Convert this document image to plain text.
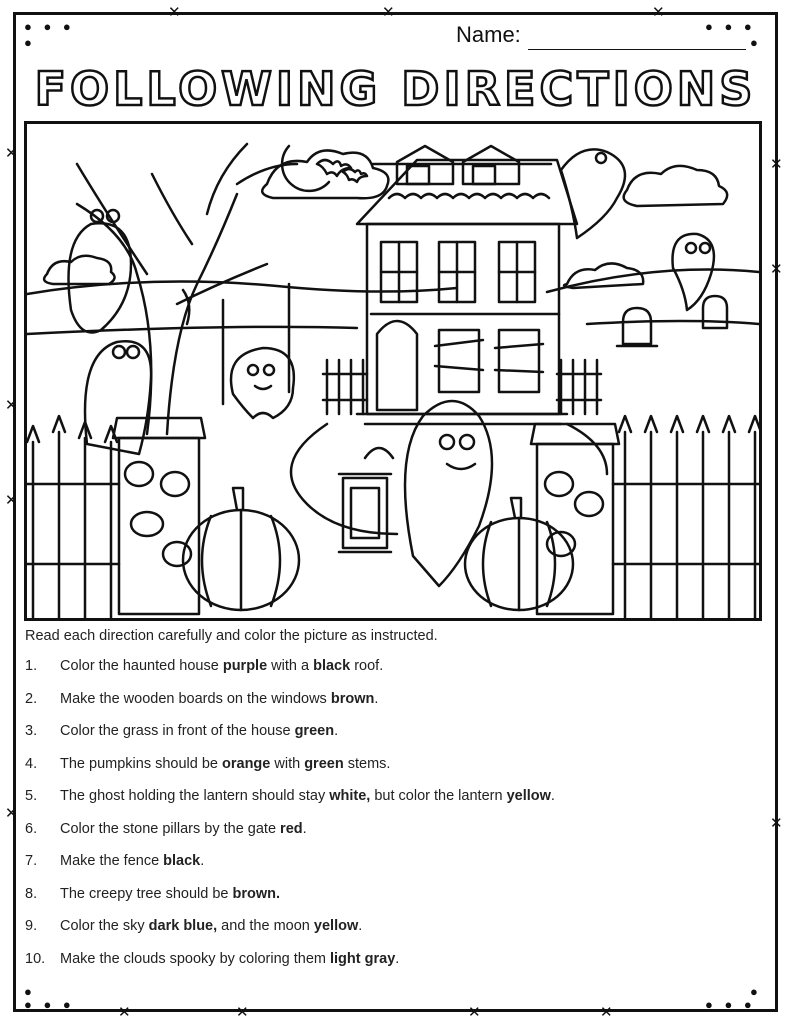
✕	✕	✕
✕
✕
✕
✕
✕
✕
✕
✕	✕	✕	✕
● ● ●
●
● ● ●
●
●
● ● ●
●
● ● ●
Name:
FOLLOWING DIRECTIONS

Read each direction carefully and color the picture as instructed.

1.	Color the haunted house purple with a black roof.
2.	Make the wooden boards on the windows brown.
3.	Color the grass in front of the house green.
4.	The pumpkins should be orange with green stems.
5.	The ghost holding the lantern should stay white, but color the lantern yellow.
6.	Color the stone pillars by the gate red.
7.	Make the fence black.
8.	The creepy tree should be brown.
9.	Color the sky dark blue, and the moon yellow.
10.	Make the clouds spooky by coloring them light gray.
